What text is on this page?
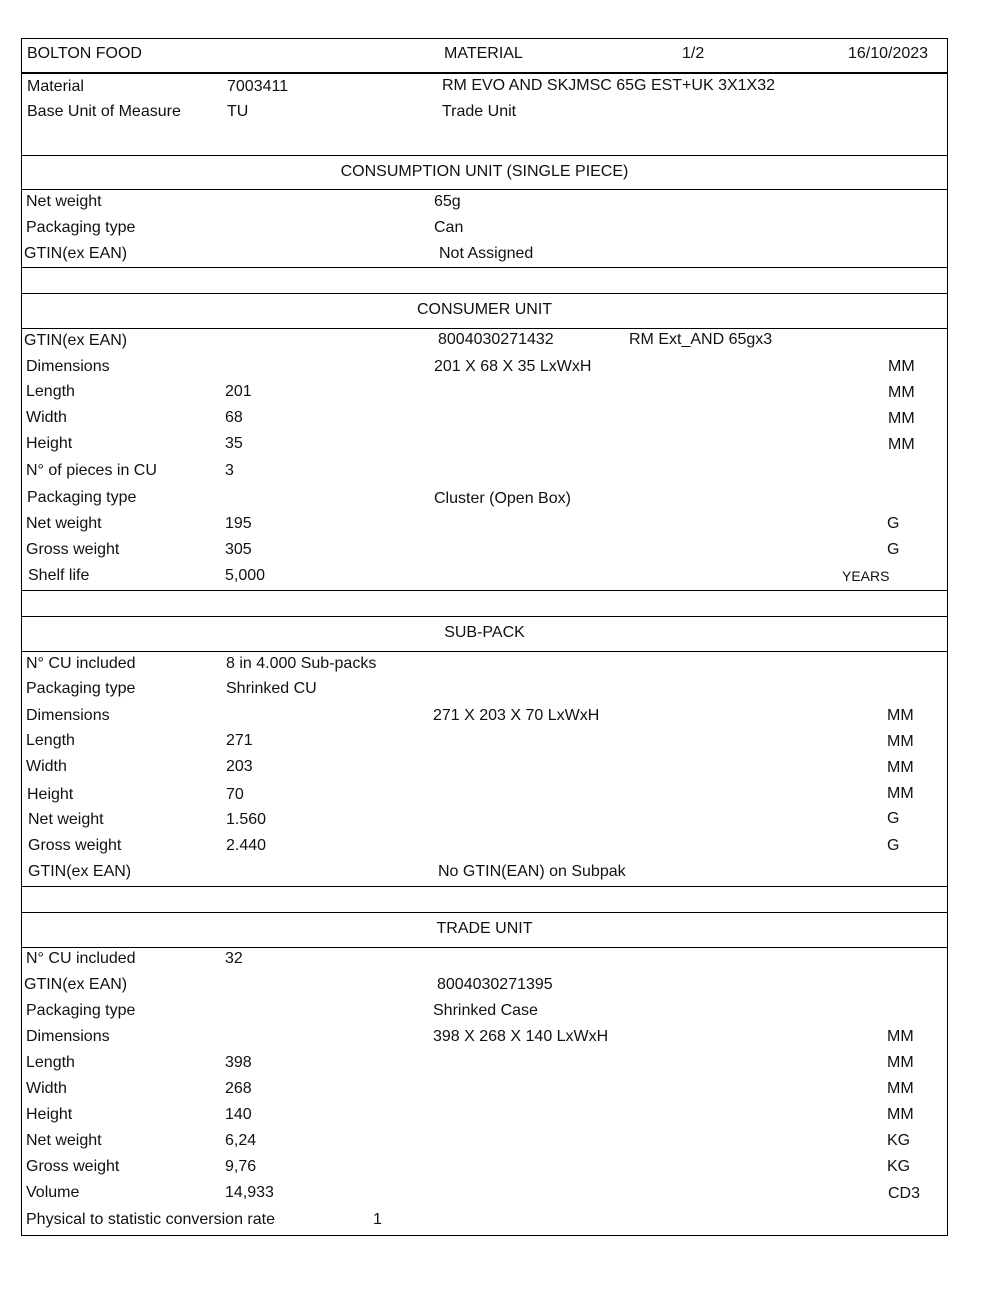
BOLTON FOOD	MATERIAL	1/2	16/10/2023
Material	7003411	RM EVO AND SKJMSC 65G EST+UK 3X1X32
Base Unit of Measure	TU	Trade Unit
CONSUMPTION UNIT (SINGLE PIECE)
Net weight	65g
Packaging type	Can
GTIN(ex EAN)	Not Assigned
CONSUMER UNIT
GTIN(ex EAN)	8004030271432	RM Ext_AND 65gx3
Dimensions	201 X 68 X 35 LxWxH	MM
Length	201	MM
Width	68	MM
Height	35	MM
N° of pieces in CU	3
Packaging type	Cluster (Open Box)
Net weight	195	G
Gross weight	305	G
Shelf life	5,000	YEARS
SUB-PACK
N° CU included	8 in 4.000 Sub-packs
Packaging type	Shrinked CU
Dimensions	271 X 203 X 70 LxWxH	MM
Length	271	MM
Width	203	MM
Height	70	MM
Net weight	1.560	G
Gross weight	2.440	G
GTIN(ex EAN)	No GTIN(EAN) on Subpak
TRADE UNIT
N° CU included	32
GTIN(ex EAN)	8004030271395
Packaging type	Shrinked Case
Dimensions	398 X 268 X 140 LxWxH	MM
Length	398	MM
Width	268	MM
Height	140	MM
Net weight	6,24	KG
Gross weight	9,76	KG
Volume	14,933	CD3
Physical to statistic conversion rate	1
